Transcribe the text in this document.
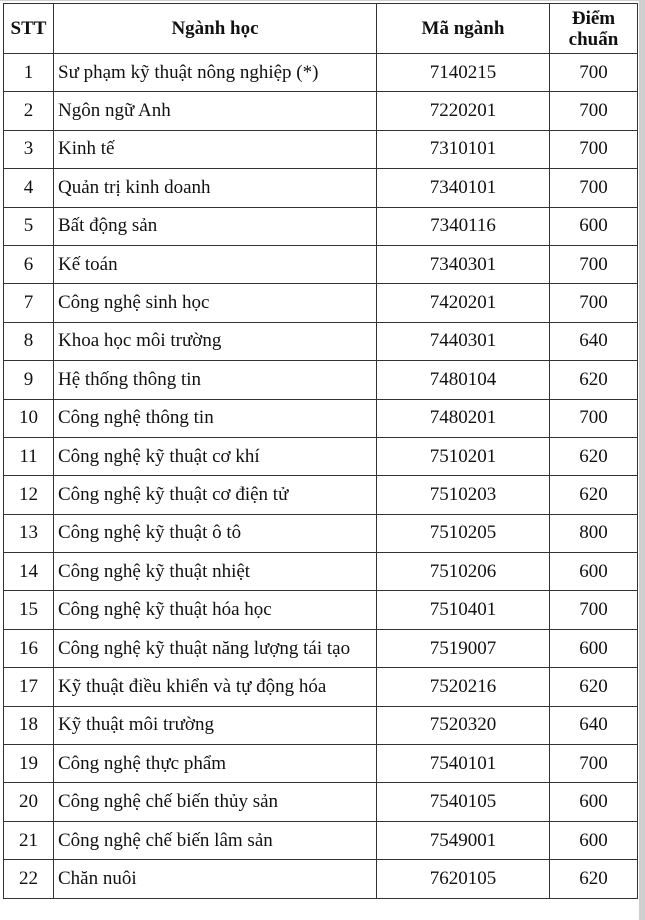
STT	Ngành học	Mã ngành	Điểm
chuẩn
1	Sư phạm kỹ thuật nông nghiệp (*)	7140215	700
2	Ngôn ngữ Anh	7220201	700
3	Kinh tế	7310101	700
4	Quản trị kinh doanh	7340101	700
5	Bất động sản	7340116	600
6	Kế toán	7340301	700
7	Công nghệ sinh học	7420201	700
8	Khoa học môi trường	7440301	640
9	Hệ thống thông tin	7480104	620
10	Công nghệ thông tin	7480201	700
11	Công nghệ kỹ thuật cơ khí	7510201	620
12	Công nghệ kỹ thuật cơ điện tử	7510203	620
13	Công nghệ kỹ thuật ô tô	7510205	800
14	Công nghệ kỹ thuật nhiệt	7510206	600
15	Công nghệ kỹ thuật hóa học	7510401	700
16	Công nghệ kỹ thuật năng lượng tái tạo	7519007	600
17	Kỹ thuật điều khiển và tự động hóa	7520216	620
18	Kỹ thuật môi trường	7520320	640
19	Công nghệ thực phẩm	7540101	700
20	Công nghệ chế biến thủy sản	7540105	600
21	Công nghệ chế biến lâm sản	7549001	600
22	Chăn nuôi	7620105	620
